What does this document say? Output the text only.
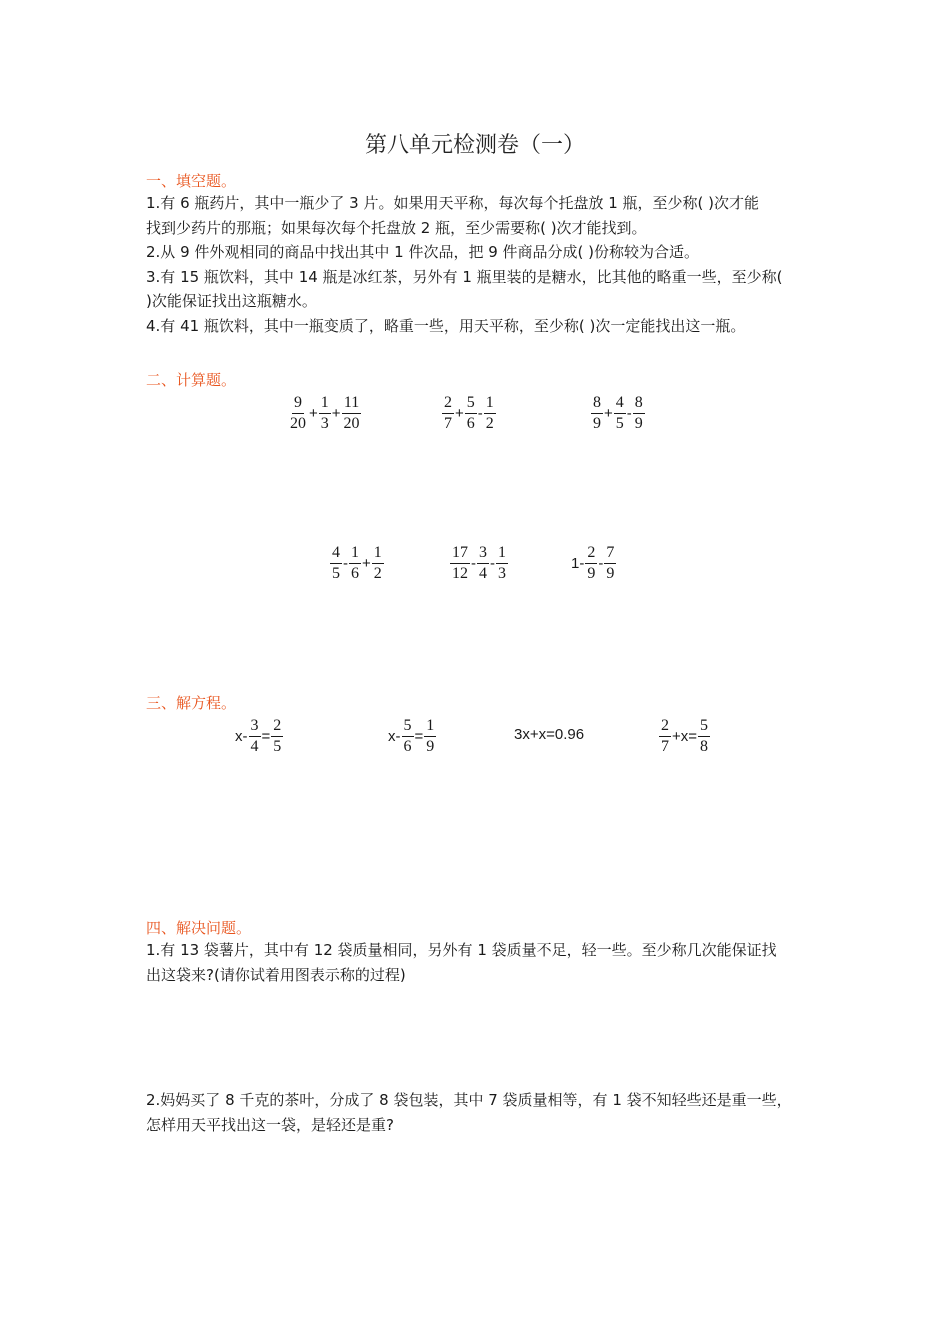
第八单元检测卷（一）
一、填空题。
1.有 6 瓶药片，其中一瓶少了 3 片。如果用天平称，每次每个托盘放 1 瓶，至少称( )次才能
找到少药片的那瓶；如果每次每个托盘放 2 瓶，至少需要称( )次才能找到。
2.从 9 件外观相同的商品中找出其中 1 件次品，把 9 件商品分成( )份称较为合适。
3.有 15 瓶饮料，其中 14 瓶是冰红茶，另外有 1 瓶里装的是糖水，比其他的略重一些，至少称(
)次能保证找出这瓶糖水。
4.有 41 瓶饮料，其中一瓶变质了，略重一些，用天平称，至少称( )次一定能找出这一瓶。
二、计算题。
$\frac{9}{20} + \frac{1}{3} + \frac{11}{20}$	$\frac{2}{7} + \frac{5}{6} - \frac{1}{2}$	$\frac{8}{9} + \frac{4}{5} - \frac{8}{9}$
$\frac{4}{5} - \frac{1}{6} + \frac{1}{2}$	$\frac{17}{12} - \frac{3}{4} - \frac{1}{3}$	$1- \frac{2}{9} - \frac{7}{9}$
三、解方程。
$x- \frac{3}{4} = \frac{2}{5}$	$x- \frac{5}{6} = \frac{1}{9}$	3x+x=0.96	$\frac{2}{7} +x= \frac{5}{8}$
四、解决问题。
1.有 13 袋薯片，其中有 12 袋质量相同，另外有 1 袋质量不足，轻一些。至少称几次能保证找
出这袋来?(请你试着用图表示称的过程)
2.妈妈买了 8 千克的茶叶，分成了 8 袋包装，其中 7 袋质量相等，有 1 袋不知轻些还是重一些，
怎样用天平找出这一袋，是轻还是重?
